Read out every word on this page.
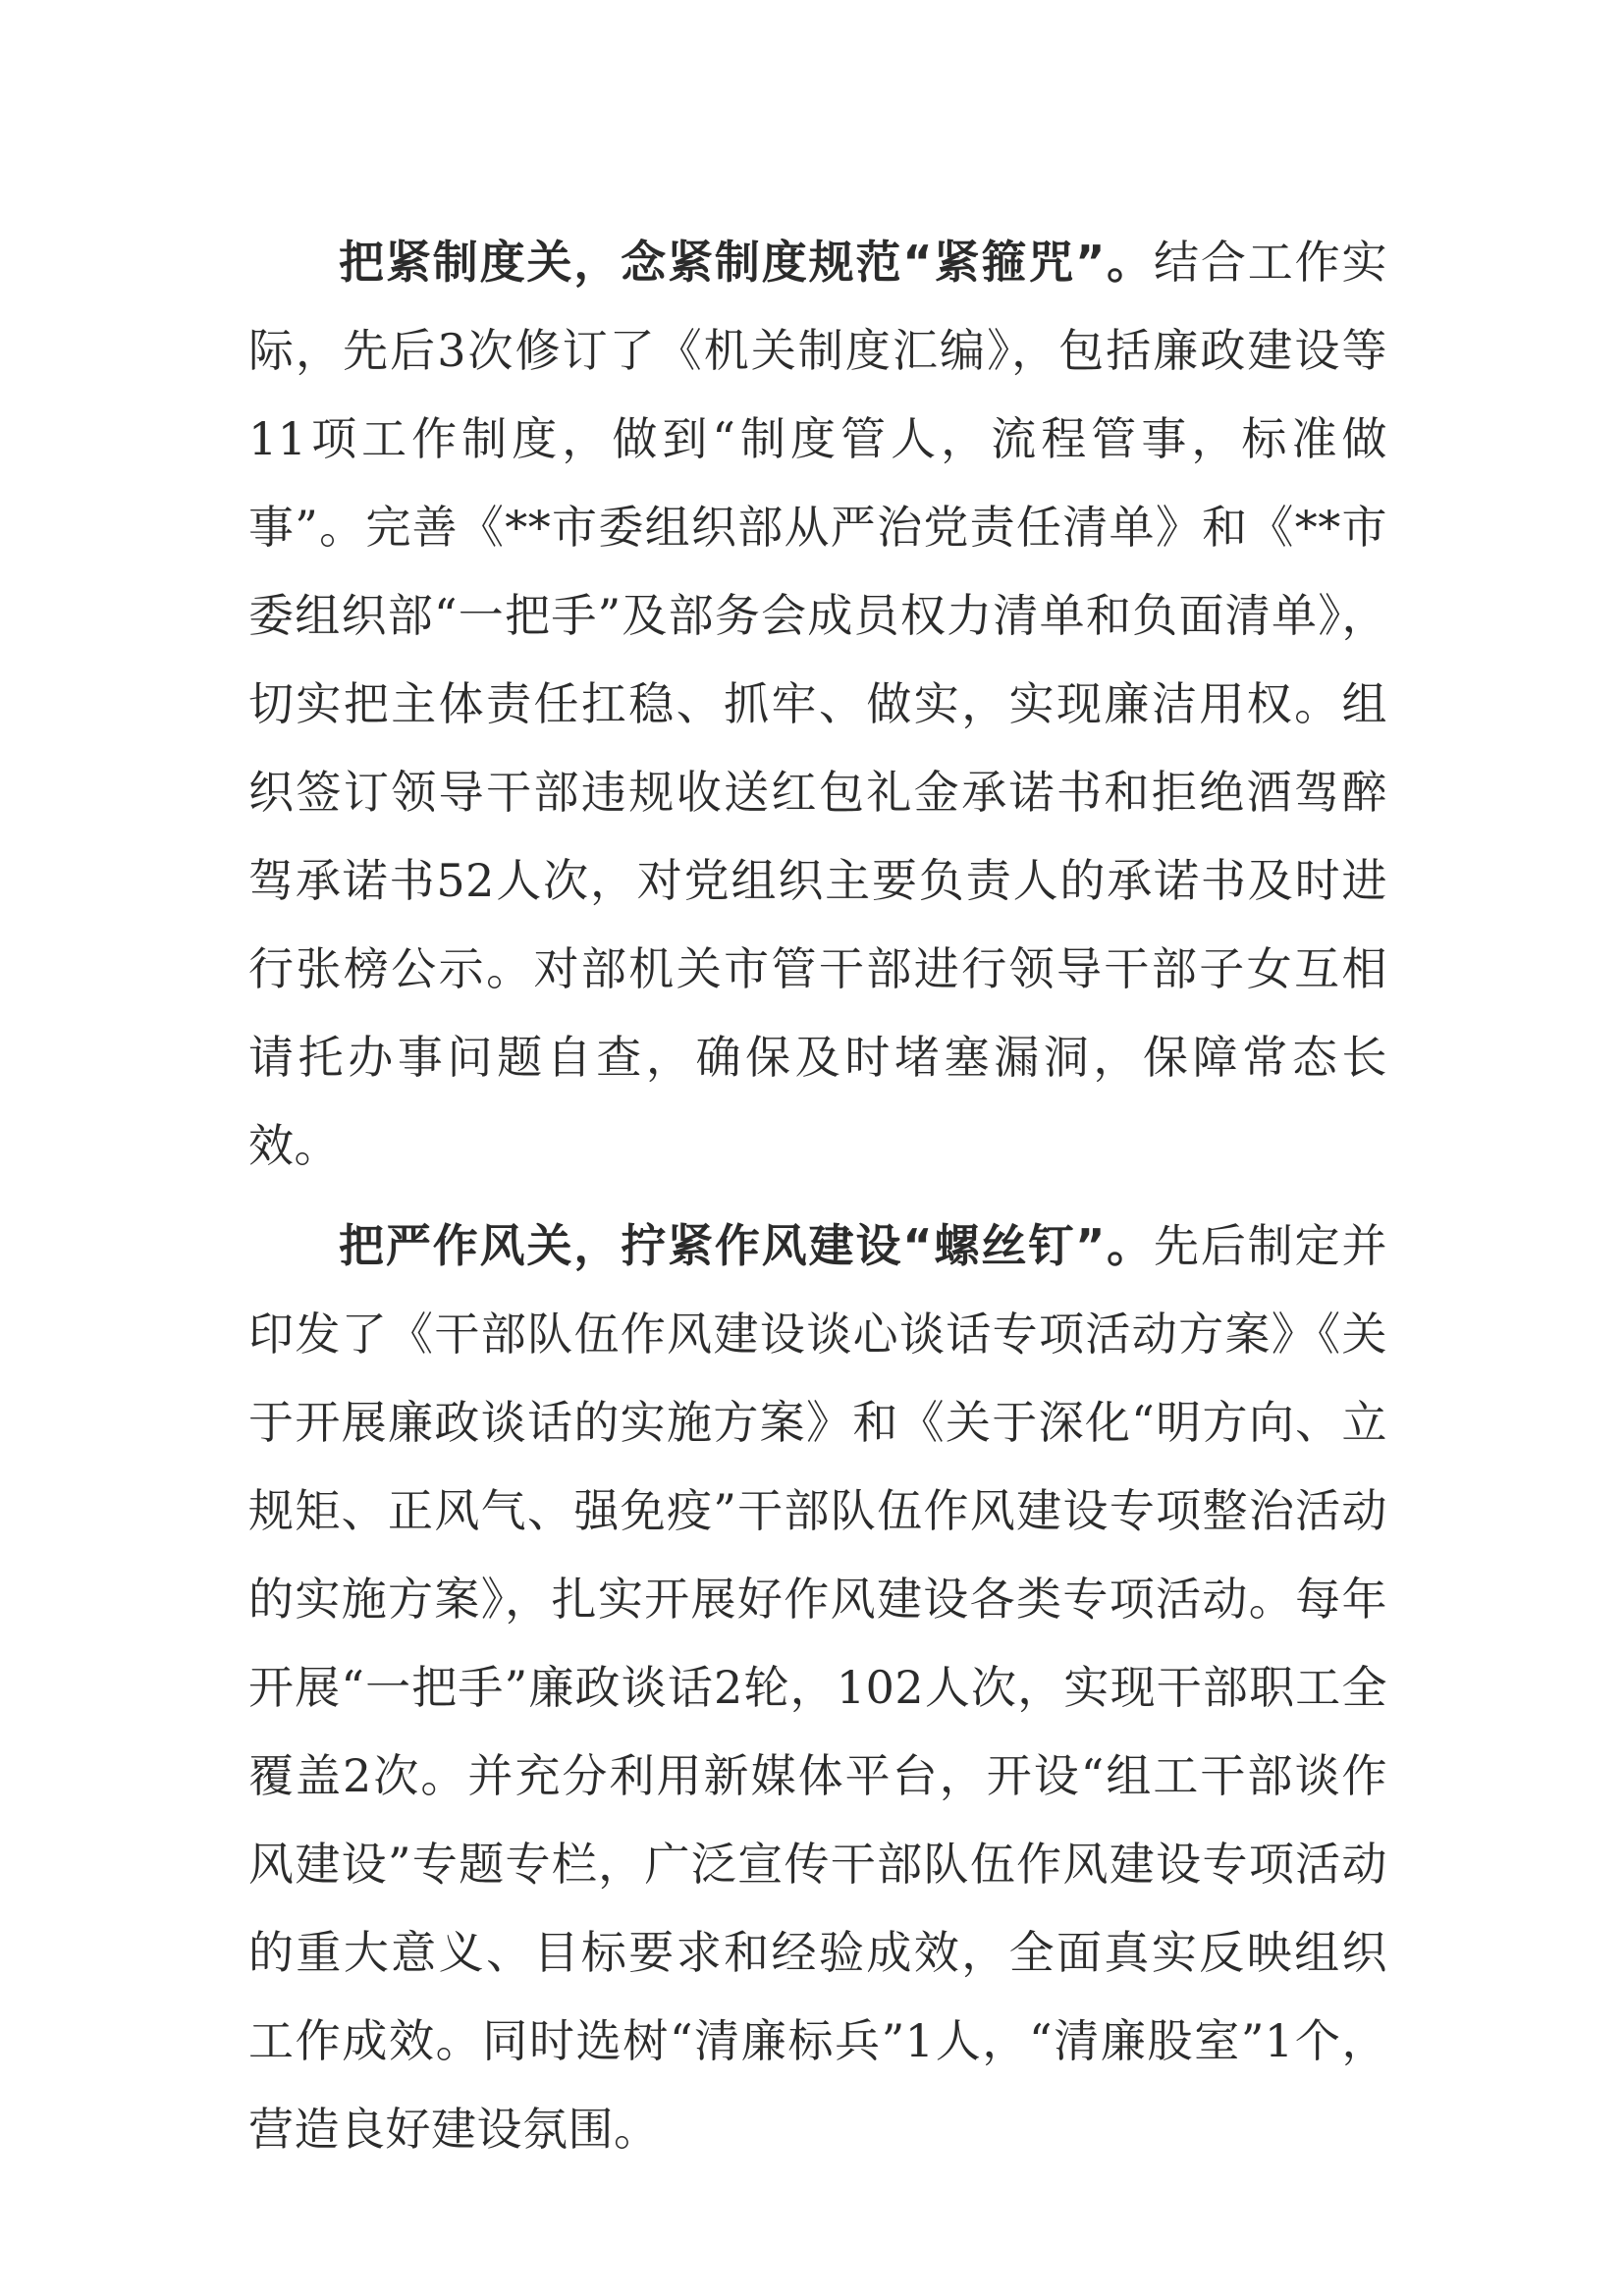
把紧制度关，念紧制度规范“紧箍咒”。结合工作实际，先后3次修订了《机关制度汇编》，包括廉政建设等11项工作制度，做到“制度管人，流程管事，标准做事”。完善《**市委组织部从严治党责任清单》和《**市委组织部“一把手”及部务会成员权力清单和负面清单》，切实把主体责任扛稳、抓牢、做实，实现廉洁用权。组织签订领导干部违规收送红包礼金承诺书和拒绝酒驾醉驾承诺书52人次，对党组织主要负责人的承诺书及时进行张榜公示。对部机关市管干部进行领导干部子女互相请托办事问题自查，确保及时堵塞漏洞，保障常态长效。

把严作风关，拧紧作风建设“螺丝钉”。先后制定并印发了《干部队伍作风建设谈心谈话专项活动方案》《关于开展廉政谈话的实施方案》和《关于深化“明方向、立规矩、正风气、强免疫”干部队伍作风建设专项整治活动的实施方案》，扎实开展好作风建设各类专项活动。每年开展“一把手”廉政谈话2轮，102人次，实现干部职工全覆盖2次。并充分利用新媒体平台，开设“组工干部谈作风建设”专题专栏，广泛宣传干部队伍作风建设专项活动的重大意义、目标要求和经验成效，全面真实反映组织工作成效。同时选树“清廉标兵”1人，“清廉股室”1个，营造良好建设氛围。
